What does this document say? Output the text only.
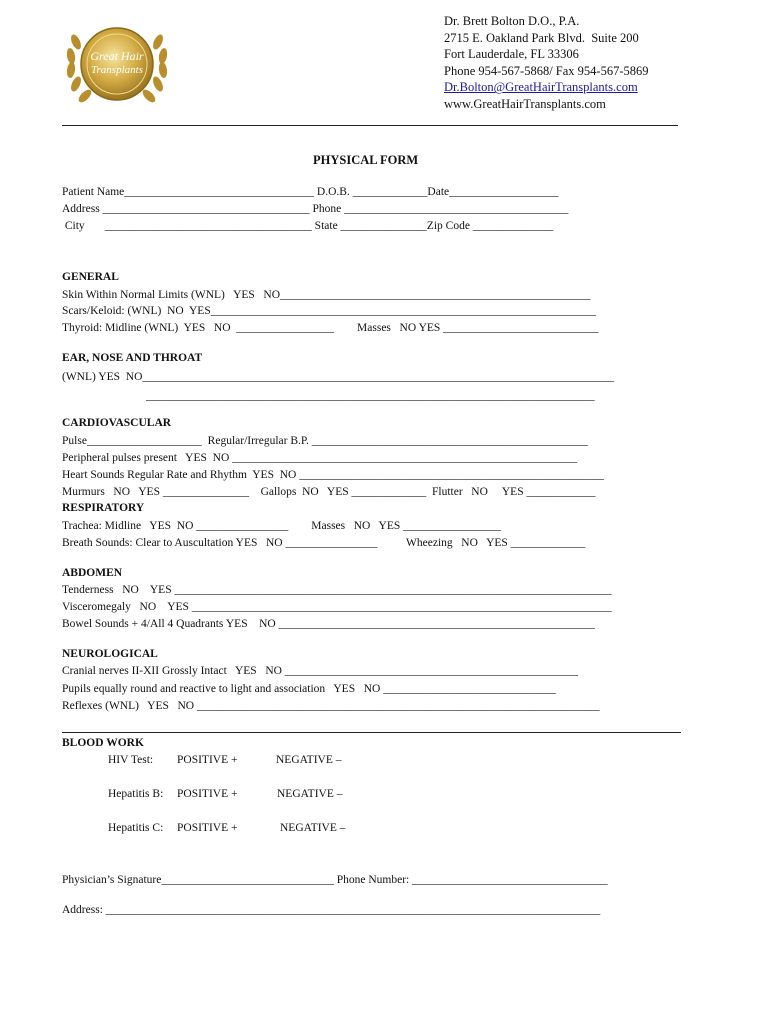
Great Hair
Transplants
Dr. Brett Bolton D.O., P.A.
2715 E. Oakland Park Blvd.  Suite 200
Fort Lauderdale, FL 33306
Phone 954-567-5868/ Fax 954-567-5869
Dr.Bolton@GreatHairTransplants.com
www.GreatHairTransplants.com
PHYSICAL FORM
Patient Name_________________________________ D.O.B. _____________Date___________________
Address ____________________________________ Phone _______________________________________
City       ____________________________________ State _______________Zip Code ______________
GENERAL
Skin Within Normal Limits (WNL)   YES   NO______________________________________________________
Scars/Keloid: (WNL)  NO  YES___________________________________________________________________
Thyroid: Midline (WNL)  YES   NO  _________________        Masses   NO YES ___________________________
EAR, NOSE AND THROAT
(WNL) YES  NO__________________________________________________________________________________
______________________________________________________________________________
CARDIOVASCULAR
Pulse____________________  Regular/Irregular B.P. ________________________________________________
Peripheral pulses present   YES  NO ____________________________________________________________
Heart Sounds Regular Rate and Rhythm  YES  NO _____________________________________________________
Murmurs   NO   YES _______________    Gallops  NO   YES _____________  Flutter   NO     YES ____________
RESPIRATORY
Trachea: Midline   YES  NO ________________        Masses   NO   YES _________________
Breath Sounds: Clear to Auscultation YES   NO ________________          Wheezing   NO   YES _____________
ABDOMEN
Tenderness   NO    YES ____________________________________________________________________________
Visceromegaly   NO    YES _________________________________________________________________________
Bowel Sounds + 4/All 4 Quadrants YES    NO _______________________________________________________
NEUROLOGICAL
Cranial nerves II-XII Grossly Intact   YES   NO ___________________________________________________
Pupils equally round and reactive to light and association   YES   NO ______________________________
Reflexes (WNL)   YES   NO ______________________________________________________________________
BLOOD WORK
HIV Test: POSITIVE +	NEGATIVE –
Hepatitis B: POSITIVE +	NEGATIVE –
Hepatitis C: POSITIVE +	NEGATIVE –
Physician’s Signature______________________________ Phone Number: __________________________________
Address: ______________________________________________________________________________________
